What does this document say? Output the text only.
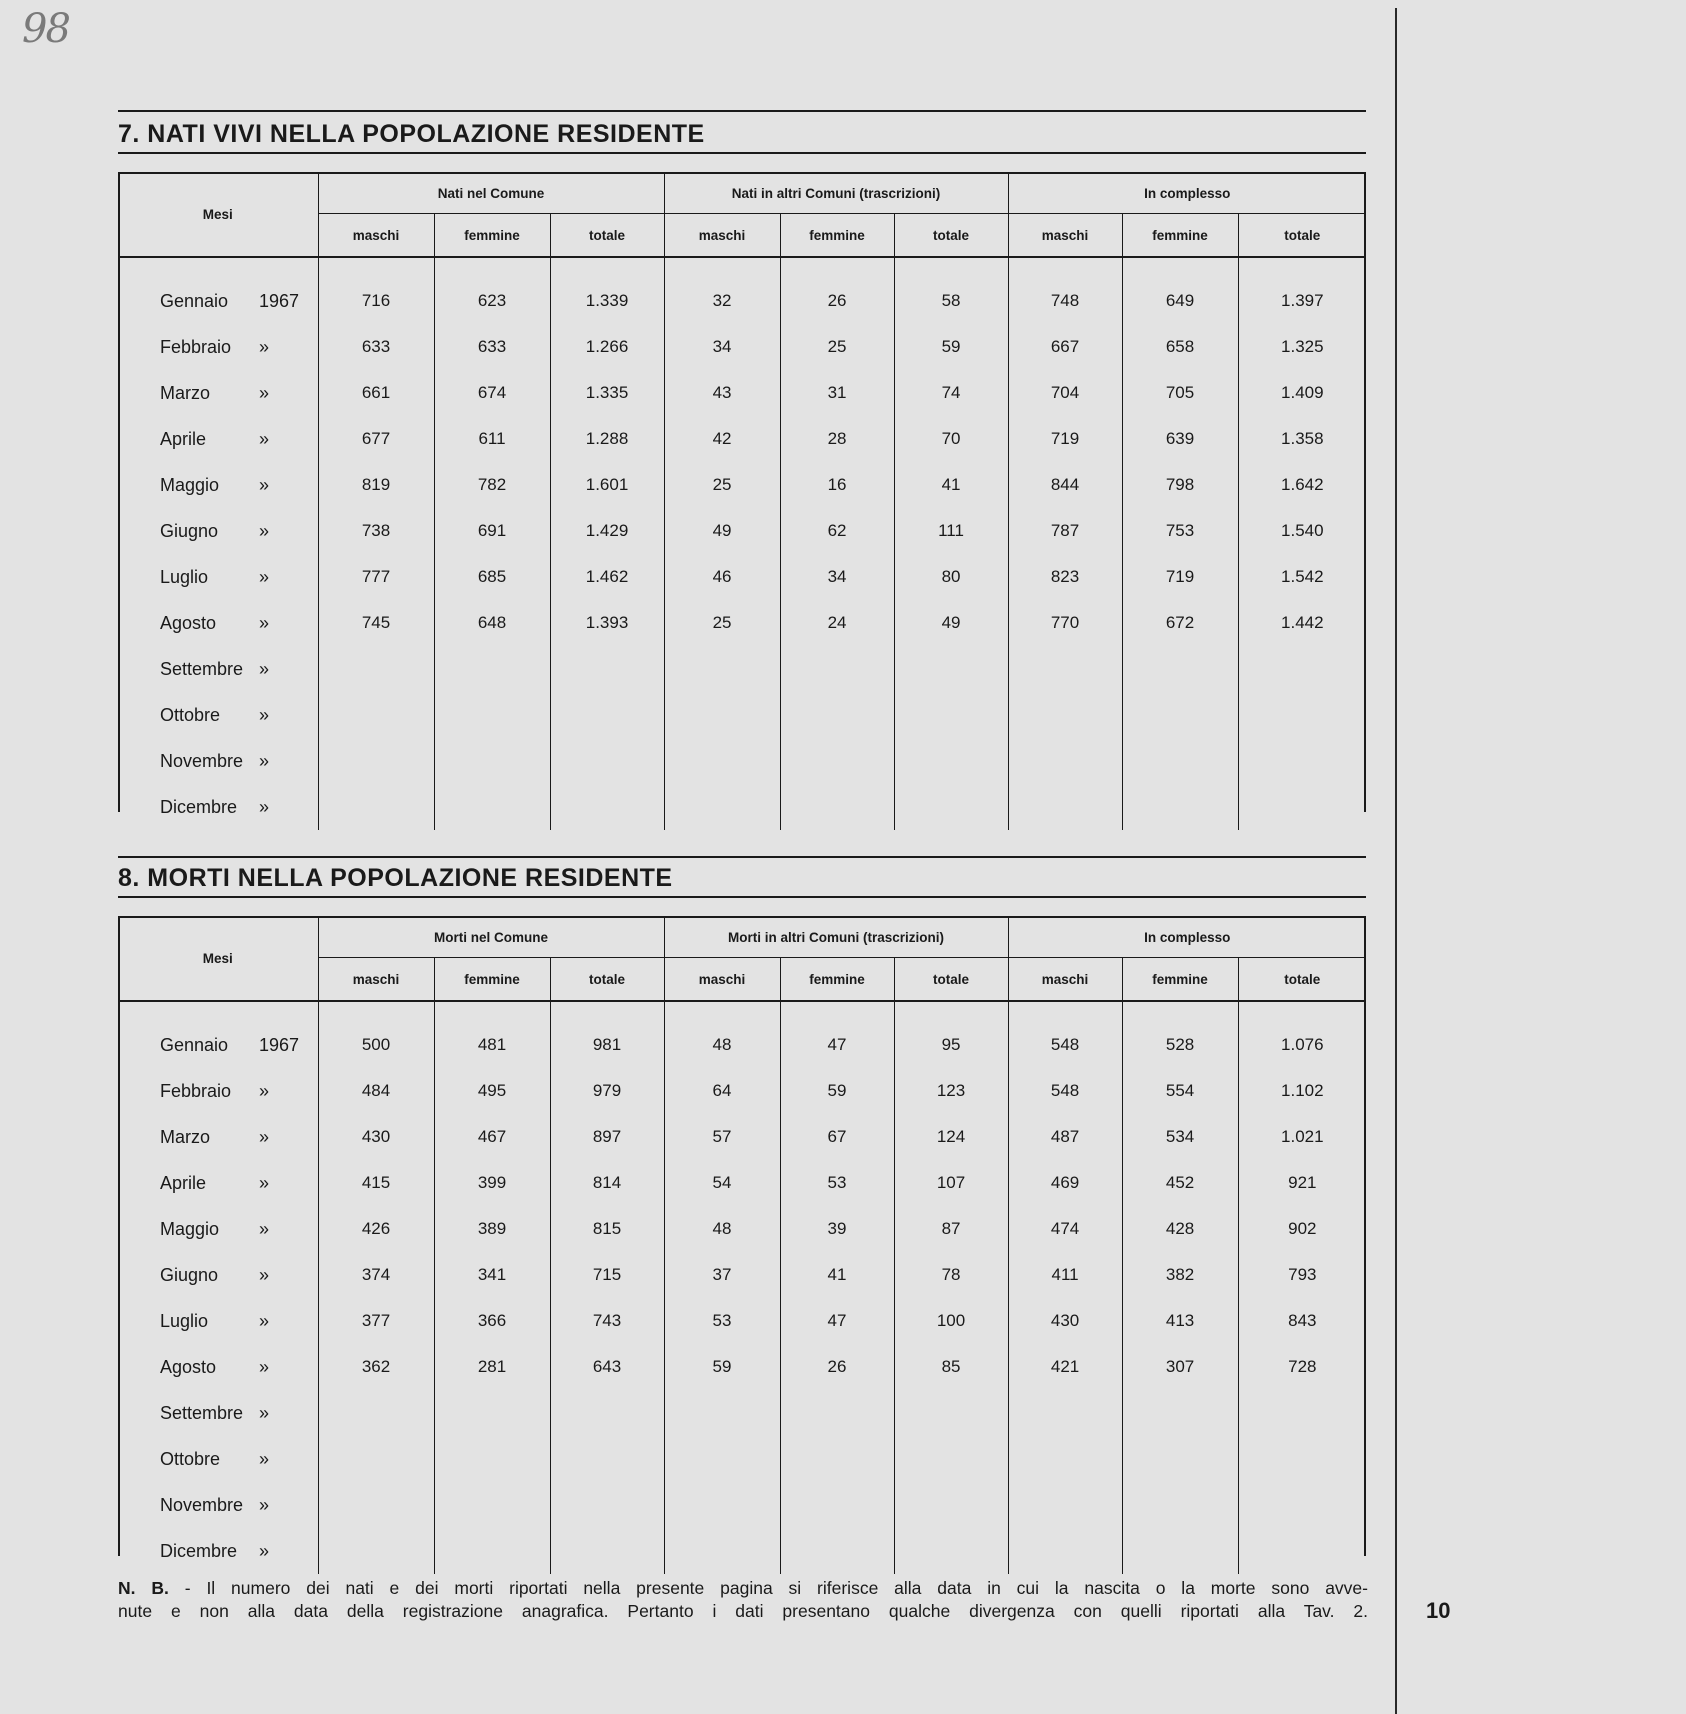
98
7. NATI VIVI NELLA POPOLAZIONE RESIDENTE
Mesi	Nati nel Comune			Nati in altri Comuni (trascrizioni)			In complesso		
	maschi	femmine	totale	maschi	femmine	totale	maschi	femmine	totale
Gennaio 1967	716	623	1.339	32	26	58	748	649	1.397
Febbraio »	633	633	1.266	34	25	59	667	658	1.325
Marzo »	661	674	1.335	43	31	74	704	705	1.409
Aprile »	677	611	1.288	42	28	70	719	639	1.358
Maggio »	819	782	1.601	25	16	41	844	798	1.642
Giugno »	738	691	1.429	49	62	111	787	753	1.540
Luglio »	777	685	1.462	46	34	80	823	719	1.542
Agosto »	745	648	1.393	25	24	49	770	672	1.442
Settembre »									

Ottobre »									

Novembre »									

Dicembre »									

8. MORTI NELLA POPOLAZIONE RESIDENTE
Mesi	Morti nel Comune			Morti in altri Comuni (trascrizioni)			In complesso		
	maschi	femmine	totale	maschi	femmine	totale	maschi	femmine	totale
Gennaio 1967	500	481	981	48	47	95	548	528	1.076
Febbraio »	484	495	979	64	59	123	548	554	1.102
Marzo »	430	467	897	57	67	124	487	534	1.021
Aprile »	415	399	814	54	53	107	469	452	921
Maggio »	426	389	815	48	39	87	474	428	902
Giugno »	374	341	715	37	41	78	411	382	793
Luglio »	377	366	743	53	47	100	430	413	843
Agosto »	362	281	643	59	26	85	421	307	728
Settembre »									

Ottobre »									

Novembre »									

Dicembre »									

N. B. - Il numero dei nati e dei morti riportati nella presente pagina si riferisce alla data in cui la nascita o la morte sono avve-
nute e non alla data della registrazione anagrafica. Pertanto i dati presentano qualche divergenza con quelli riportati alla Tav. 2.	10
